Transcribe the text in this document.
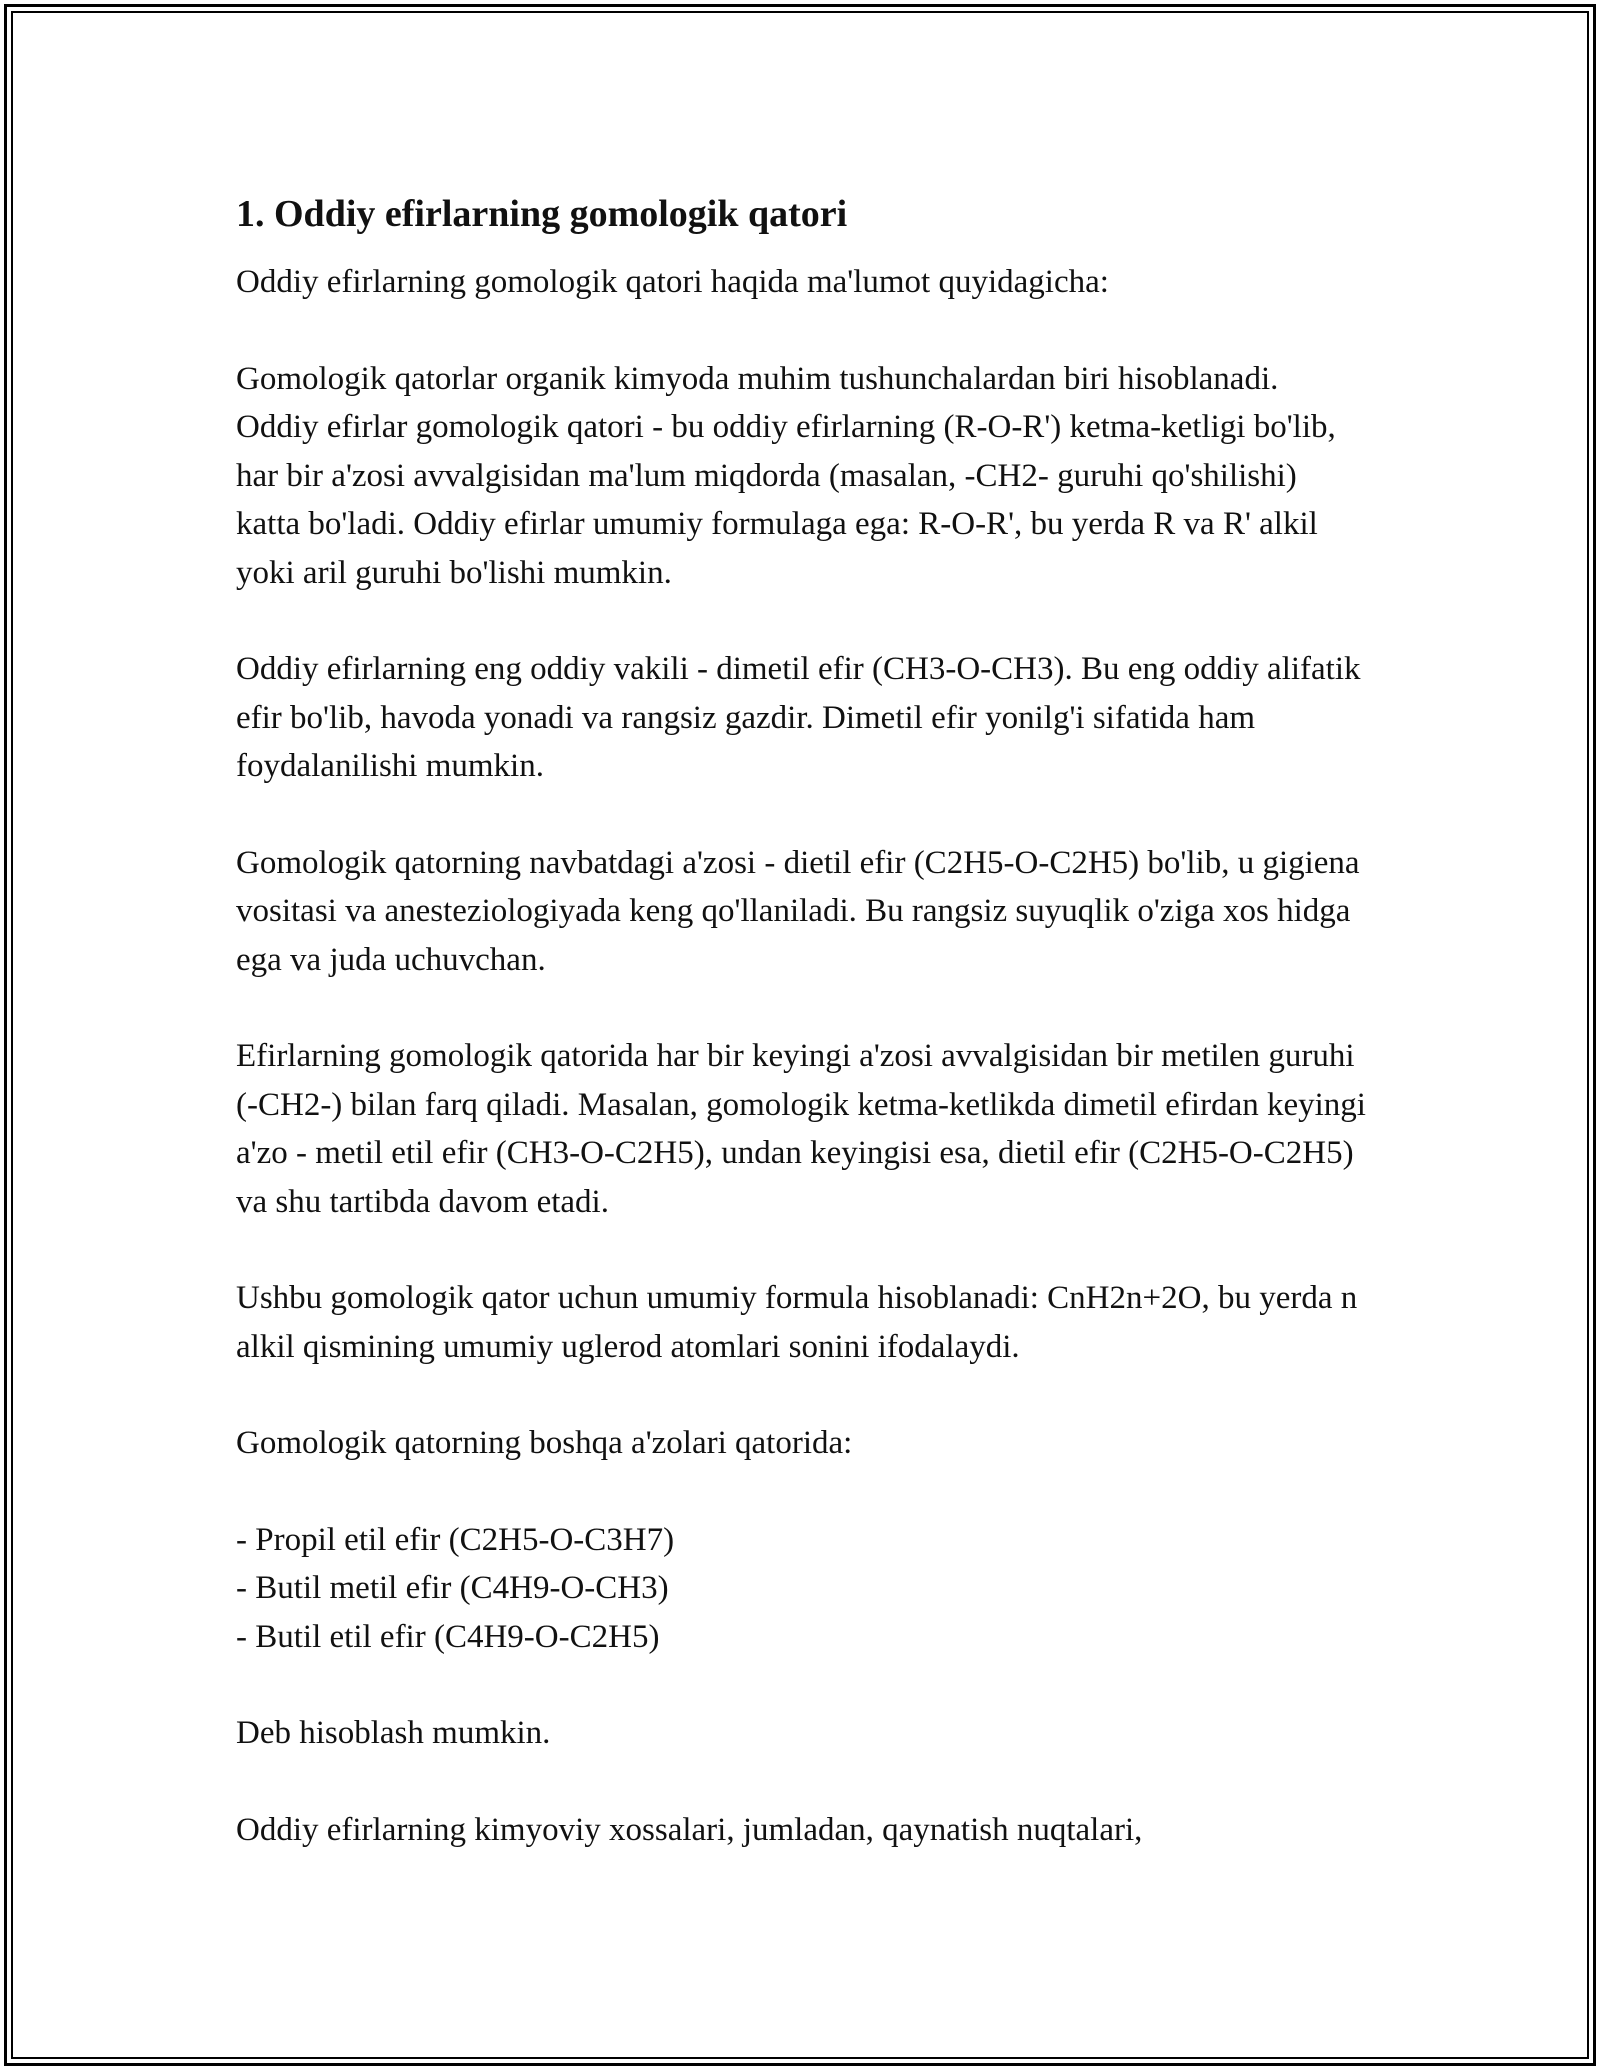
1. Oddiy efirlarning gomologik qatori

Oddiy efirlarning gomologik qatori haqida ma'lumot quyidagicha:

Gomologik qatorlar organik kimyoda muhim tushunchalardan biri hisoblanadi. Oddiy efirlar gomologik qatori - bu oddiy efirlarning (R-O-R') ketma-ketligi bo'lib, har bir a'zosi avvalgisidan ma'lum miqdorda (masalan, -CH2- guruhi qo'shilishi) katta bo'ladi. Oddiy efirlar umumiy formulaga ega: R-O-R', bu yerda R va R' alkil yoki aril guruhi bo'lishi mumkin.

Oddiy efirlarning eng oddiy vakili - dimetil efir (CH3-O-CH3). Bu eng oddiy alifatik efir bo'lib, havoda yonadi va rangsiz gazdir. Dimetil efir yonilg'i sifatida ham foydalanilishi mumkin.

Gomologik qatorning navbatdagi a'zosi - dietil efir (C2H5-O-C2H5) bo'lib, u gigiena vositasi va anesteziologiyada keng qo'llaniladi. Bu rangsiz suyuqlik o'ziga xos hidga ega va juda uchuvchan.

Efirlarning gomologik qatorida har bir keyingi a'zosi avvalgisidan bir metilen guruhi (-CH2-) bilan farq qiladi. Masalan, gomologik ketma-ketlikda dimetil efirdan keyingi a'zo - metil etil efir (CH3-O-C2H5), undan keyingisi esa, dietil efir (C2H5-O-C2H5) va shu tartibda davom etadi.

Ushbu gomologik qator uchun umumiy formula hisoblanadi: CnH2n+2O, bu yerda n alkil qismining umumiy uglerod atomlari sonini ifodalaydi.

Gomologik qatorning boshqa a'zolari qatorida:

- Propil etil efir (C2H5-O-C3H7)
- Butil metil efir (C4H9-O-CH3)
- Butil etil efir (C4H9-O-C2H5)

Deb hisoblash mumkin.

Oddiy efirlarning kimyoviy xossalari, jumladan, qaynatish nuqtalari,
